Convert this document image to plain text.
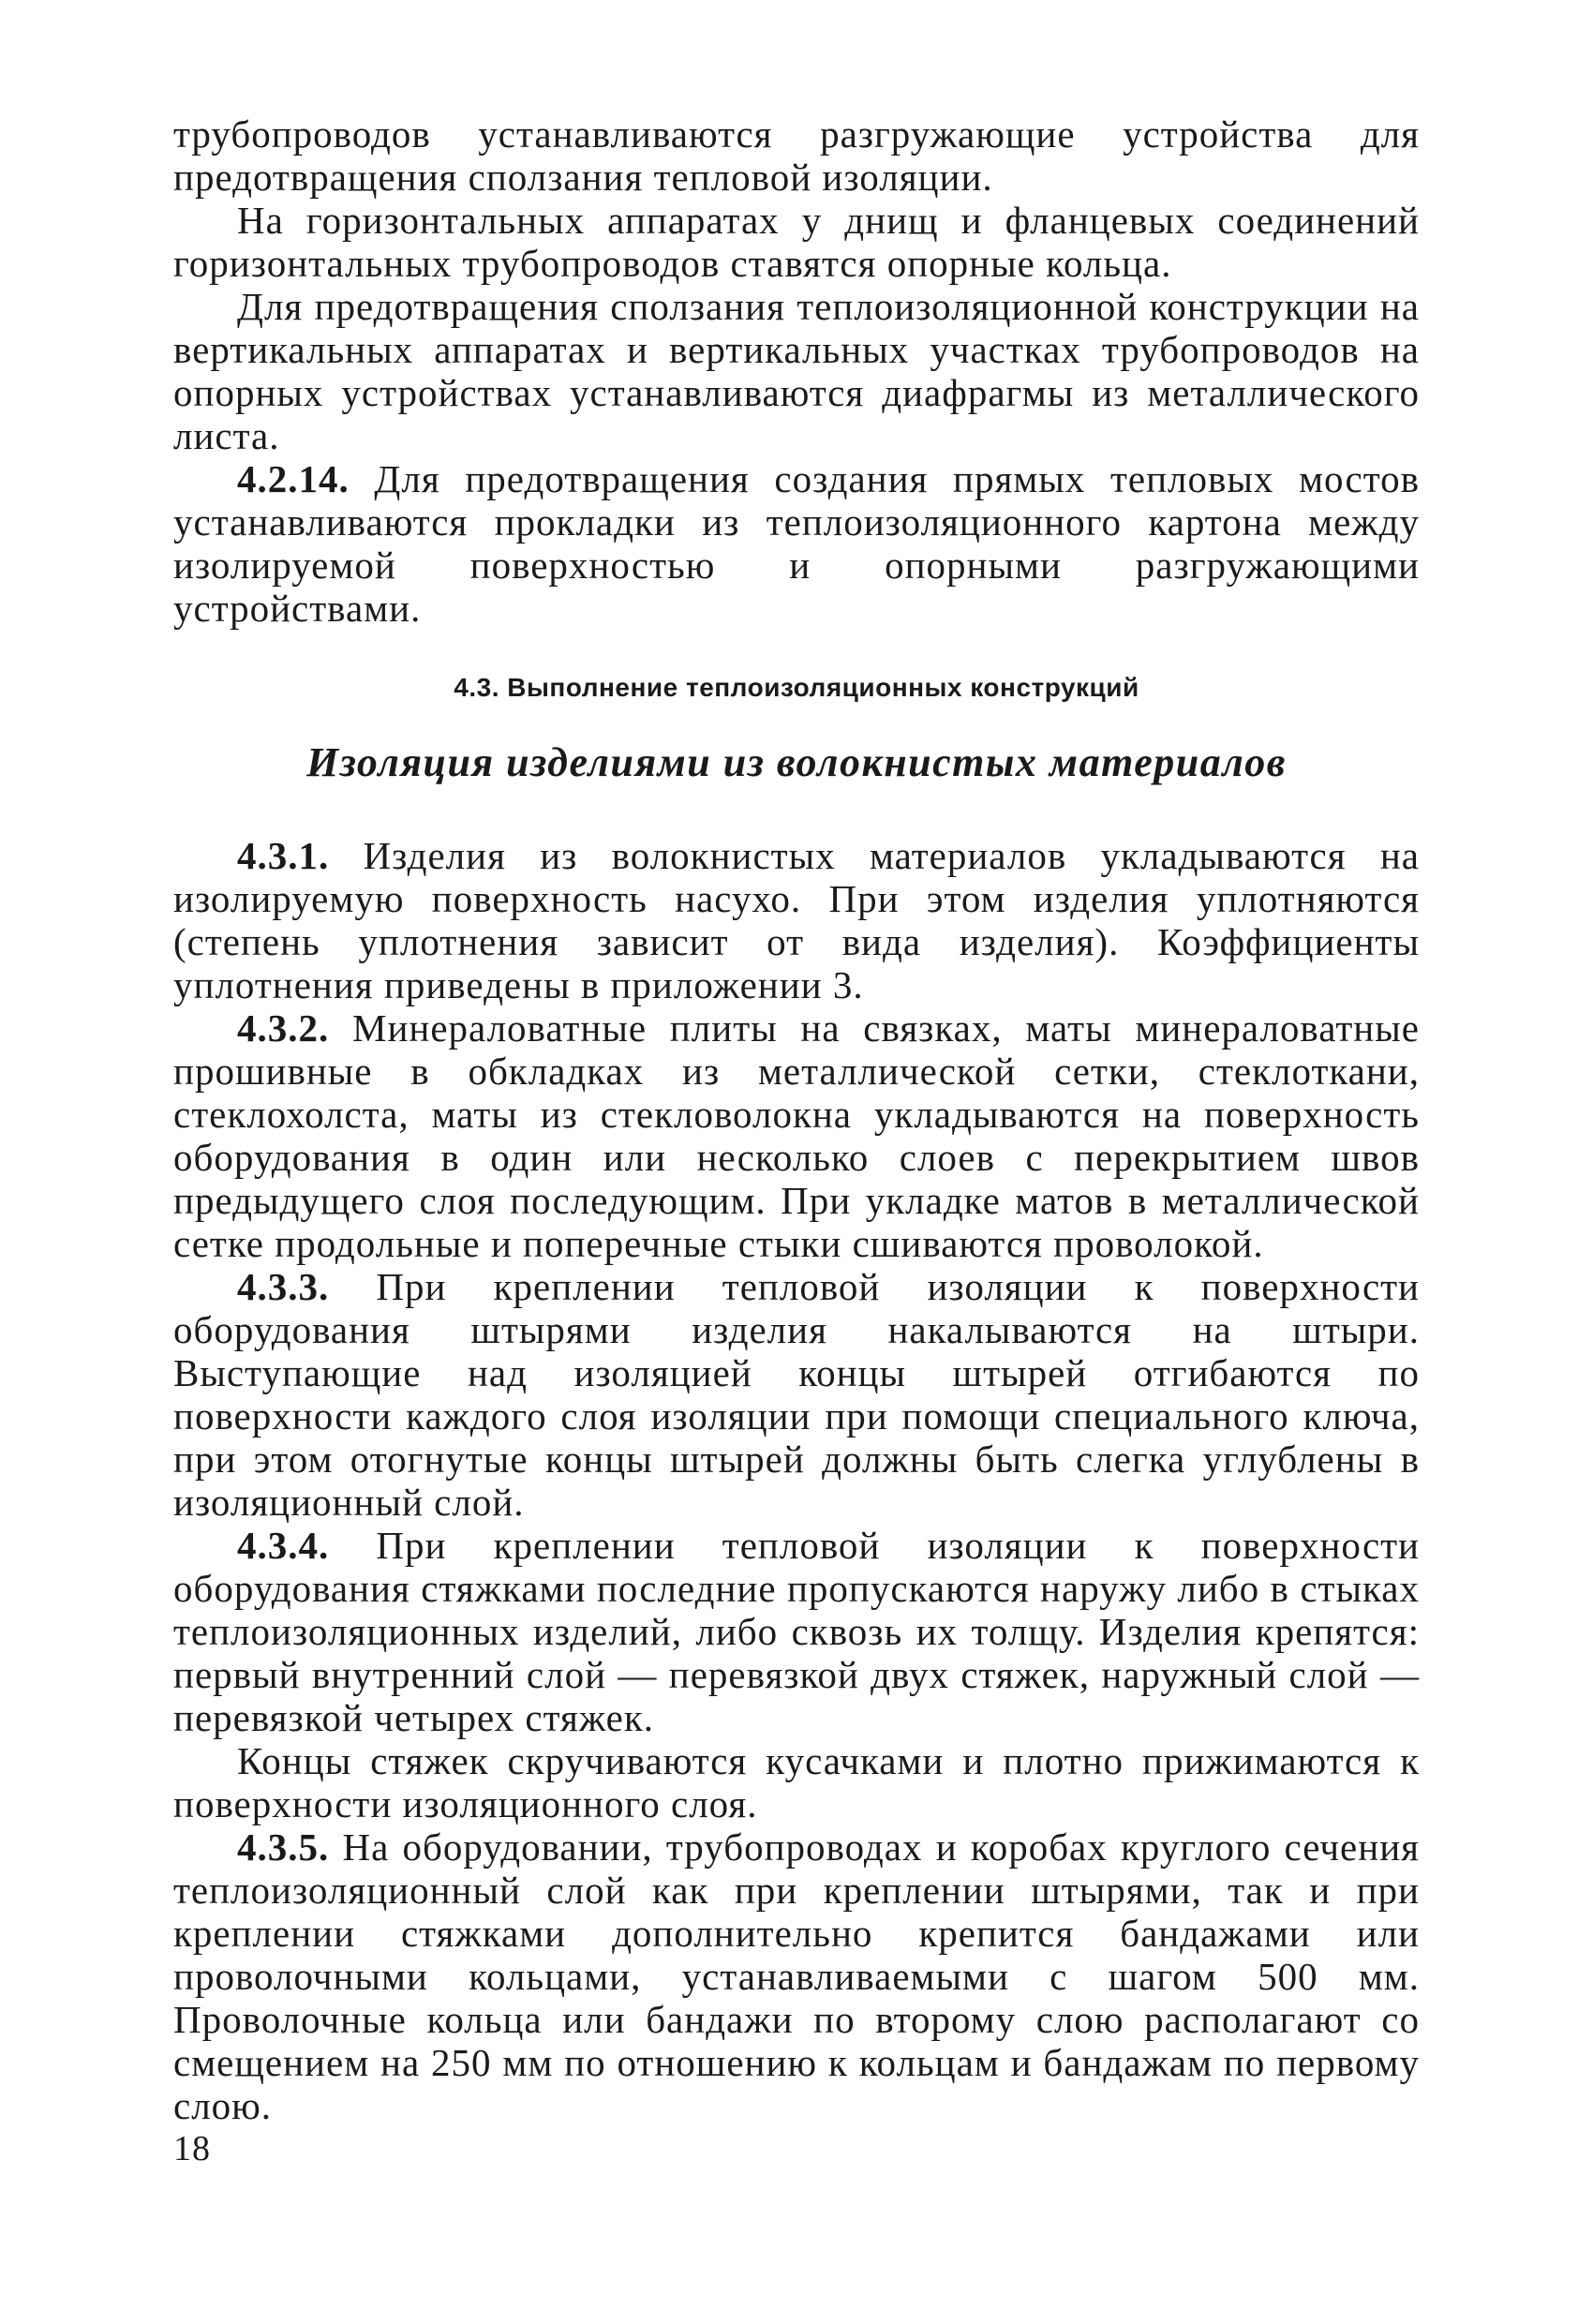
трубопроводов устанавливаются разгружающие устройства для предотвращения сползания тепловой изоляции.

На горизонтальных аппаратах у днищ и фланцевых соединений горизонтальных трубопроводов ставятся опорные кольца.

Для предотвращения сползания теплоизоляционной конструкции на вертикальных аппаратах и вертикальных участках трубопроводов на опорных устройствах устанавливаются диафрагмы из металлического листа.

4.2.14. Для предотвращения создания прямых тепловых мостов устанавливаются прокладки из теплоизоляционного картона между изолируемой поверхностью и опорными разгружающими устройствами.

4.3. Выполнение теплоизоляционных конструкций
Изоляция изделиями из волокнистых материалов

4.3.1. Изделия из волокнистых материалов укладываются на изолируемую поверхность насухо. При этом изделия уплотняются (степень уплотнения зависит от вида изделия). Коэффициенты уплотнения приведены в приложении 3.

4.3.2. Минераловатные плиты на связках, маты минераловатные прошивные в обкладках из металлической сетки, стеклоткани, стеклохолста, маты из стекловолокна укладываются на поверхность оборудования в один или несколько слоев с перекрытием швов предыдущего слоя последующим. При укладке матов в металлической сетке продольные и поперечные стыки сшиваются проволокой.

4.3.3. При креплении тепловой изоляции к поверхности оборудования штырями изделия накалываются на штыри. Выступающие над изоляцией концы штырей отгибаются по поверхности каждого слоя изоляции при помощи специального ключа, при этом отогнутые концы штырей должны быть слегка углублены в изоляционный слой.

4.3.4. При креплении тепловой изоляции к поверхности оборудования стяжками последние пропускаются наружу либо в стыках теплоизоляционных изделий, либо сквозь их толщу. Изделия крепятся: первый внутренний слой — перевязкой двух стяжек, наружный слой — перевязкой четырех стяжек.

Концы стяжек скручиваются кусачками и плотно прижимаются к поверхности изоляционного слоя.

4.3.5. На оборудовании, трубопроводах и коробах круглого сечения теплоизоляционный слой как при креплении штырями, так и при креплении стяжками дополнительно крепится бандажами или проволочными кольцами, устанавливаемыми с шагом 500 мм. Проволочные кольца или бандажи по второму слою располагают со смещением на 250 мм по отношению к кольцам и бандажам по первому слою.

18
